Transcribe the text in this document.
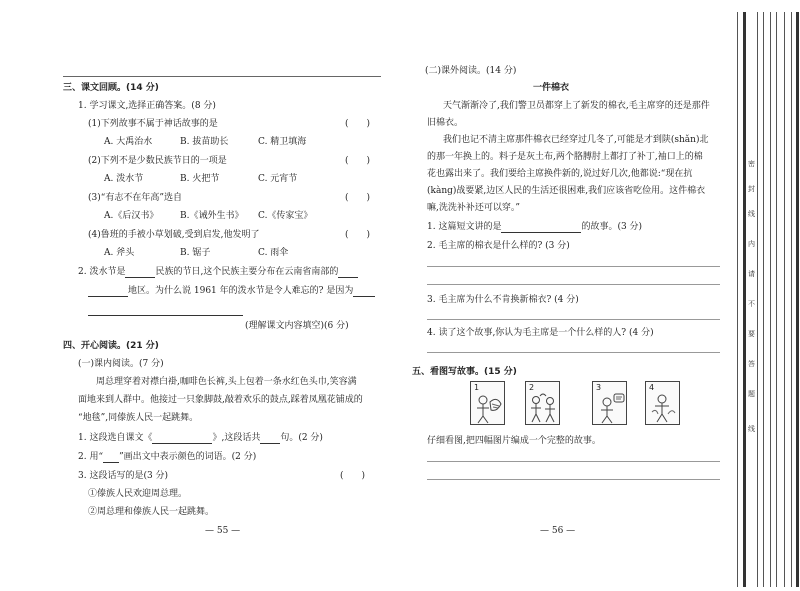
三、课文回顾。(14 分)
1. 学习课文,选择正确答案。(8 分)
(1)下列故事不属于神话故事的是	(　　)
A. 大禹治水	B. 拔苗助长	C. 精卫填海
(2)下列不是少数民族节日的一项是	(　　)
A. 泼水节	B. 火把节	C. 元宵节
(3)“有志不在年高”选自	(　　)
A.《后汉书》 B.《诫外生书》 C.《传家宝》
(4)鲁班的手被小草划破,受到启发,他发明了	(　　)
A. 斧头	B. 锯子	C. 雨伞
2. 泼水节是	民族的节日,这个民族主要分布在云南省南部的
地区。为什么说 1961 年的泼水节是令人难忘的? 是因为
(理解课文内容填空)(6 分)
四、开心阅读。(21 分)
(一)课内阅读。(7 分)
周总理穿着对襟白褂,咖啡色长裤,头上包着一条水红色头巾,笑容满
面地来到人群中。他接过一只象脚鼓,敲着欢乐的鼓点,踩着凤凰花铺成的
“地毯”,同傣族人民一起跳舞。
1. 这段选自课文《	》,这段话共 句。(2 分)
2. 用“ ”画出文中表示颜色的词语。(2 分)
3. 这段话写的是(3 分)	(　　)
①傣族人民欢迎周总理。
②周总理和傣族人民一起跳舞。
— 55 —
(二)课外阅读。(14 分)
一件棉衣
天气渐渐冷了,我们警卫员都穿上了新发的棉衣,毛主席穿的还是那件
旧棉衣。
我们也记不清主席那件棉衣已经穿过几冬了,可能是才到陕(shǎn)北
的那一年换上的。料子是灰土布,两个胳膊肘上都打了补丁,袖口上的棉
花也露出来了。我们要给主席换件新的,说过好几次,他都说:“现在抗
(kàng)战要紧,边区人民的生活还很困难,我们应该省吃俭用。这件棉衣
嘛,洗洗补补还可以穿。”
1. 这篇短文讲的是	的故事。(3 分)
2. 毛主席的棉衣是什么样的? (3 分)
3. 毛主席为什么不肯换新棉衣? (4 分)
4. 读了这个故事,你认为毛主席是一个什么样的人? (4 分)
五、看图写故事。(15 分)
1	2	3	4
仔细看图,把四幅图片编成一个完整的故事。
— 56 —
密
封
线
内
请
不
要
答
题
线
